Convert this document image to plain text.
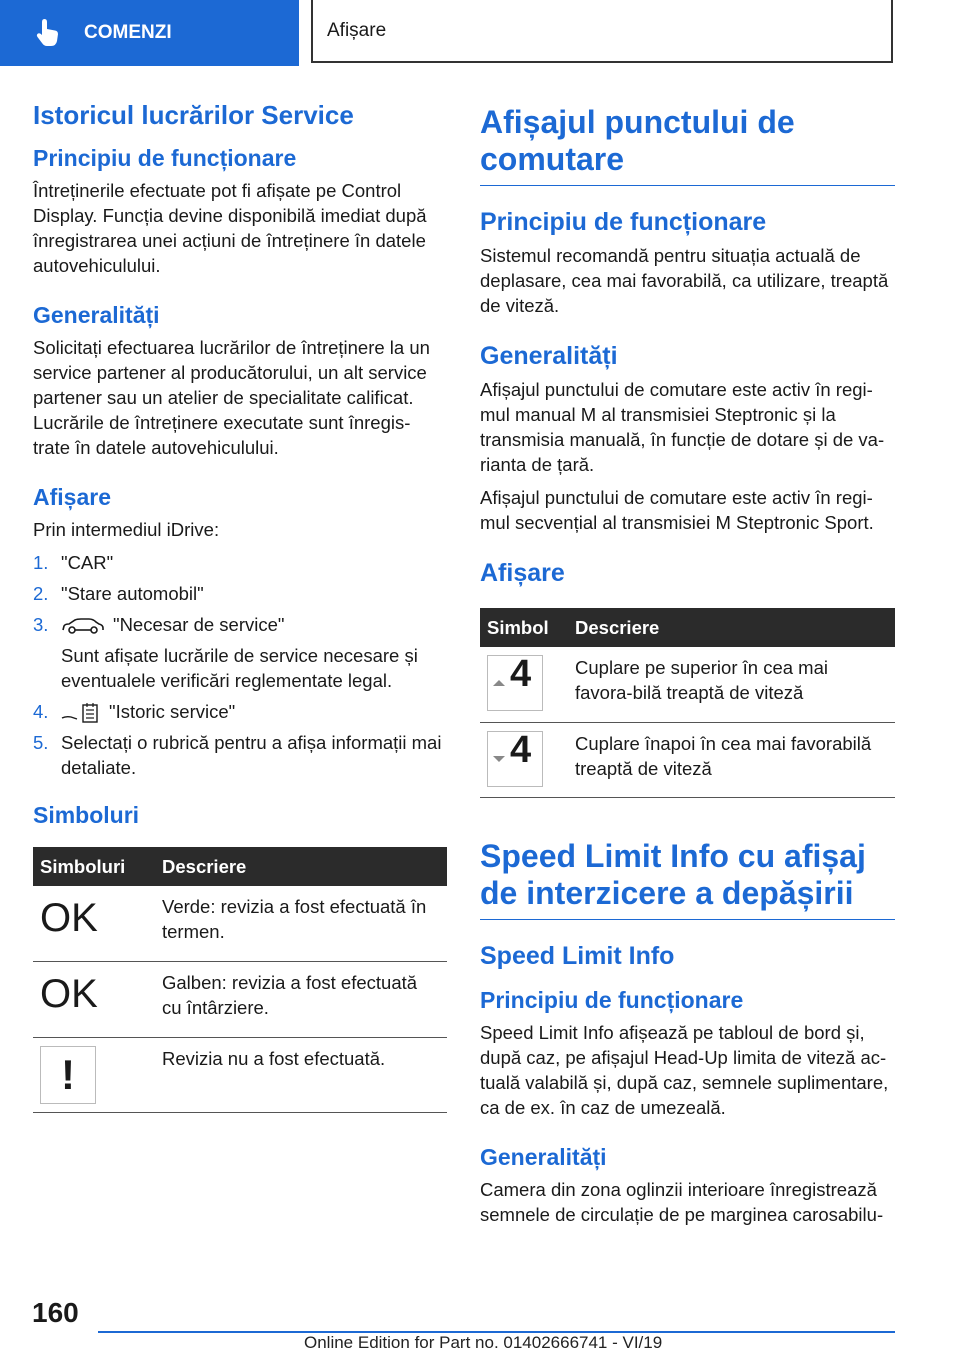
COMENZI	Afișare
Istoricul lucrărilor Service
Principiu de funcționare

Întreținerile efectuate pot fi afișate pe Control Display. Funcția devine disponibilă imediat după înregistrarea unei acțiuni de întreținere în datele autovehiculului.

Generalități

Solicitați efectuarea lucrărilor de întreținere la un service partener al producătorului, un alt service partener sau un atelier de specialitate calificat. Lucrările de întreținere executate sunt înregis‐trate în datele autovehiculului.

Afișare

Prin intermediul iDrive:

1. "CAR"
2. "Stare automobil"
3.	"Necesar de service"
Sunt afișate lucrările de service necesare și eventualele verificări reglementate legal.
4.	"Istoric service"
5. Selectați o rubrică pentru a afișa informații mai detaliate.
Simboluri
Simboluri	Descriere
OK	Verde: revizia a fost efectuată în termen.
OK	Galben: revizia a fost efectuată cu întârziere.
!	Revizia nu a fost efectuată.
Afișajul punctului de comutare
Principiu de funcționare

Sistemul recomandă pentru situația actuală de deplasare, cea mai favorabilă, ca utilizare, treaptă de viteză.

Generalități

Afișajul punctului de comutare este activ în regi‐mul manual M al transmisiei Steptronic și la transmisia manuală, în funcție de dotare și de va‐rianta de țară.

Afișajul punctului de comutare este activ în regi‐mul secvențial al transmisiei M Steptronic Sport.

Afișare
Simbol	Descriere

4	Cuplare pe superior în cea mai favora‐bilă treaptă de viteză

4	Cuplare înapoi în cea mai favorabilă treaptă de viteză
Speed Limit Info cu afișaj de interzicere a depășirii
Speed Limit Info
Principiu de funcționare

Speed Limit Info afișează pe tabloul de bord și, după caz, pe afișajul Head-Up limita de viteză ac‐tuală valabilă și, după caz, semnele suplimentare, ca de ex. în caz de umezeală.

Generalități

Camera din zona oglinzii interioare înregistrează semnele de circulație de pe marginea carosabilu‐

160
Online Edition for Part no. 01402666741 - VI/19
